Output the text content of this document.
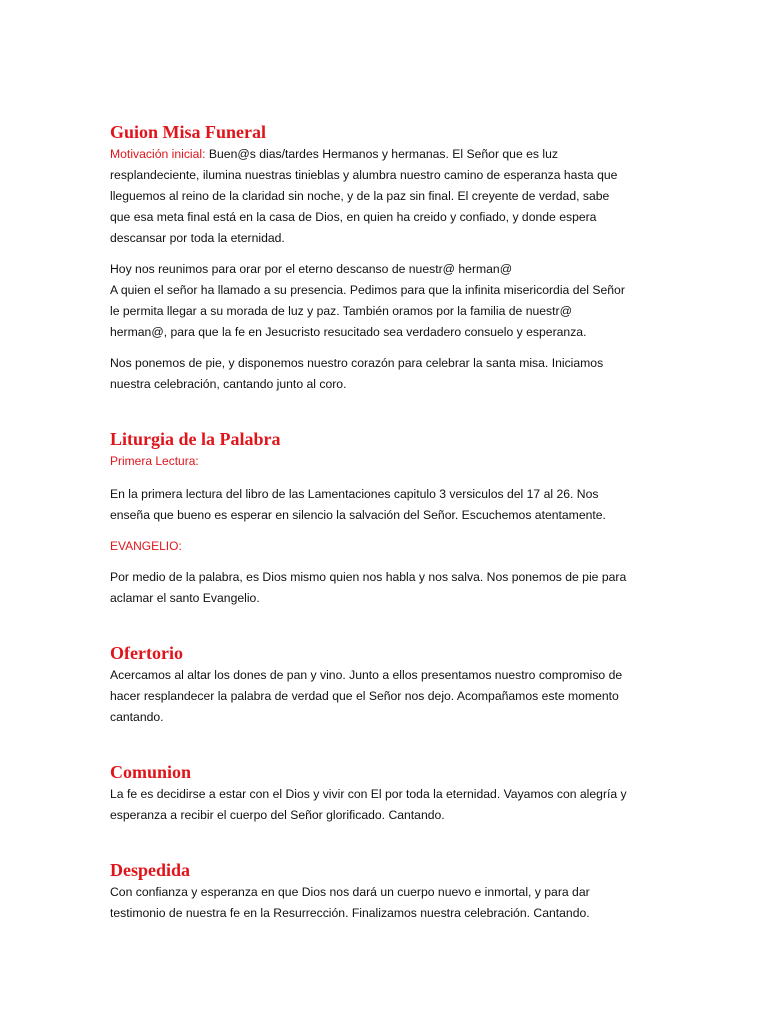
Guion Misa Funeral

Motivación inicial: Buen@s dias/tardes Hermanos y hermanas. El Señor que es luz
resplandeciente, ilumina nuestras tinieblas y alumbra nuestro camino de esperanza hasta que
lleguemos al reino de la claridad sin noche, y de la paz sin final. El creyente de verdad, sabe
que esa meta final está en la casa de Dios, en quien ha creido y confiado, y donde espera
descansar por toda la eternidad.

Hoy nos reunimos para orar por el eterno descanso de nuestr@ herman@
A quien el señor ha llamado a su presencia. Pedimos para que la infinita misericordia del Señor
le permita llegar a su morada de luz y paz. También oramos por la familia de nuestr@
herman@, para que la fe en Jesucristo resucitado sea verdadero consuelo y esperanza.

Nos ponemos de pie, y disponemos nuestro corazón para celebrar la santa misa. Iniciamos
nuestra celebración, cantando junto al coro.

Liturgia de la Palabra

Primera Lectura:

En la primera lectura del libro de las Lamentaciones capitulo 3 versiculos del 17 al 26. Nos
enseña que bueno es esperar en silencio la salvación del Señor. Escuchemos atentamente.

EVANGELIO:

Por medio de la palabra, es Dios mismo quien nos habla y nos salva. Nos ponemos de pie para
aclamar el santo Evangelio.

Ofertorio

Acercamos al altar los dones de pan y vino. Junto a ellos presentamos nuestro compromiso de
hacer resplandecer la palabra de verdad que el Señor nos dejo. Acompañamos este momento
cantando.

Comunion

La fe es decidirse a estar con el Dios y vivir con El por toda la eternidad. Vayamos con alegría y
esperanza a recibir el cuerpo del Señor glorificado. Cantando.

Despedida

Con confianza y esperanza en que Dios nos dará un cuerpo nuevo e inmortal, y para dar
testimonio de nuestra fe en la Resurrección. Finalizamos nuestra celebración. Cantando.
